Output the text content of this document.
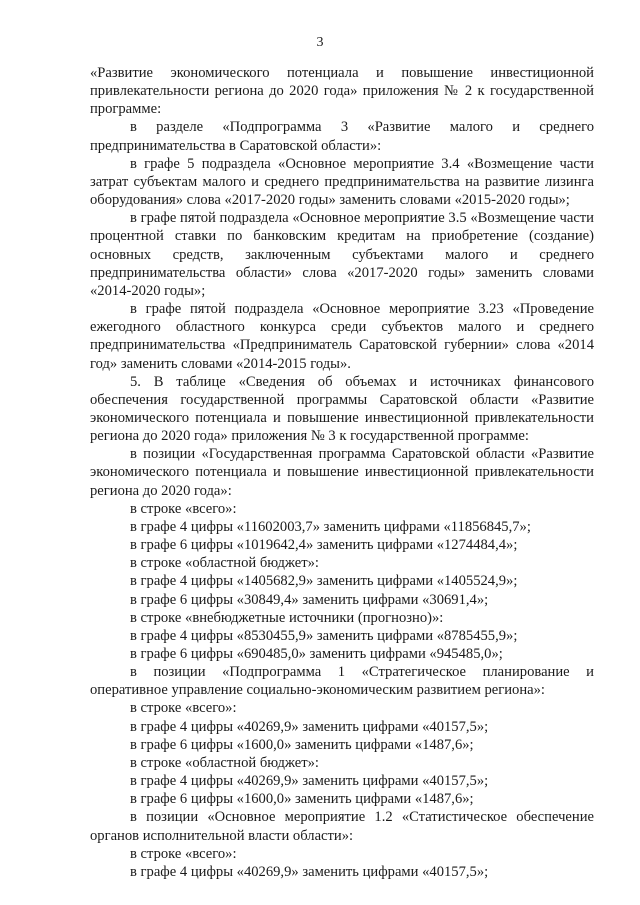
3

«Развитие экономического потенциала и повышение инвестиционной привлекательности региона до 2020 года» приложения № 2 к государственной программе:

в разделе «Подпрограмма 3 «Развитие малого и среднего предпринимательства в Саратовской области»:

в графе 5 подраздела «Основное мероприятие 3.4 «Возмещение части затрат субъектам малого и среднего предпринимательства на развитие лизинга оборудования» слова «2017-2020 годы» заменить словами «2015-2020 годы»;

в графе пятой подраздела «Основное мероприятие 3.5 «Возмещение части процентной ставки по банковским кредитам на приобретение (создание) основных средств, заключенным субъектами малого и среднего предпринимательства области» слова «2017-2020 годы» заменить словами «2014-2020 годы»;

в графе пятой подраздела «Основное мероприятие 3.23 «Проведение ежегодного областного конкурса среди субъектов малого и среднего предпринимательства «Предприниматель Саратовской губернии» слова «2014 год» заменить словами «2014-2015 годы».

5. В таблице «Сведения об объемах и источниках финансового обеспечения государственной программы Саратовской области «Развитие экономического потенциала и повышение инвестиционной привлекательности региона до 2020 года» приложения № 3 к государственной программе:

в позиции «Государственная программа Саратовской области «Развитие экономического потенциала и повышение инвестиционной привлекательности региона до 2020 года»:

в строке «всего»:

в графе 4 цифры «11602003,7» заменить цифрами «11856845,7»;

в графе 6 цифры «1019642,4» заменить цифрами «1274484,4»;

в строке «областной бюджет»:

в графе 4 цифры «1405682,9» заменить цифрами «1405524,9»;

в графе 6 цифры «30849,4» заменить цифрами «30691,4»;

в строке «внебюджетные источники (прогнозно)»:

в графе 4 цифры «8530455,9» заменить цифрами «8785455,9»;

в графе 6 цифры «690485,0» заменить цифрами «945485,0»;

в позиции «Подпрограмма 1 «Стратегическое планирование и оперативное управление социально-экономическим развитием региона»:

в строке «всего»:

в графе 4 цифры «40269,9» заменить цифрами «40157,5»;

в графе 6 цифры «1600,0» заменить цифрами «1487,6»;

в строке «областной бюджет»:

в графе 4 цифры «40269,9» заменить цифрами «40157,5»;

в графе 6 цифры «1600,0» заменить цифрами «1487,6»;

в позиции «Основное мероприятие 1.2 «Статистическое обеспечение органов исполнительной власти области»:

в строке «всего»:

в графе 4 цифры «40269,9» заменить цифрами «40157,5»;
